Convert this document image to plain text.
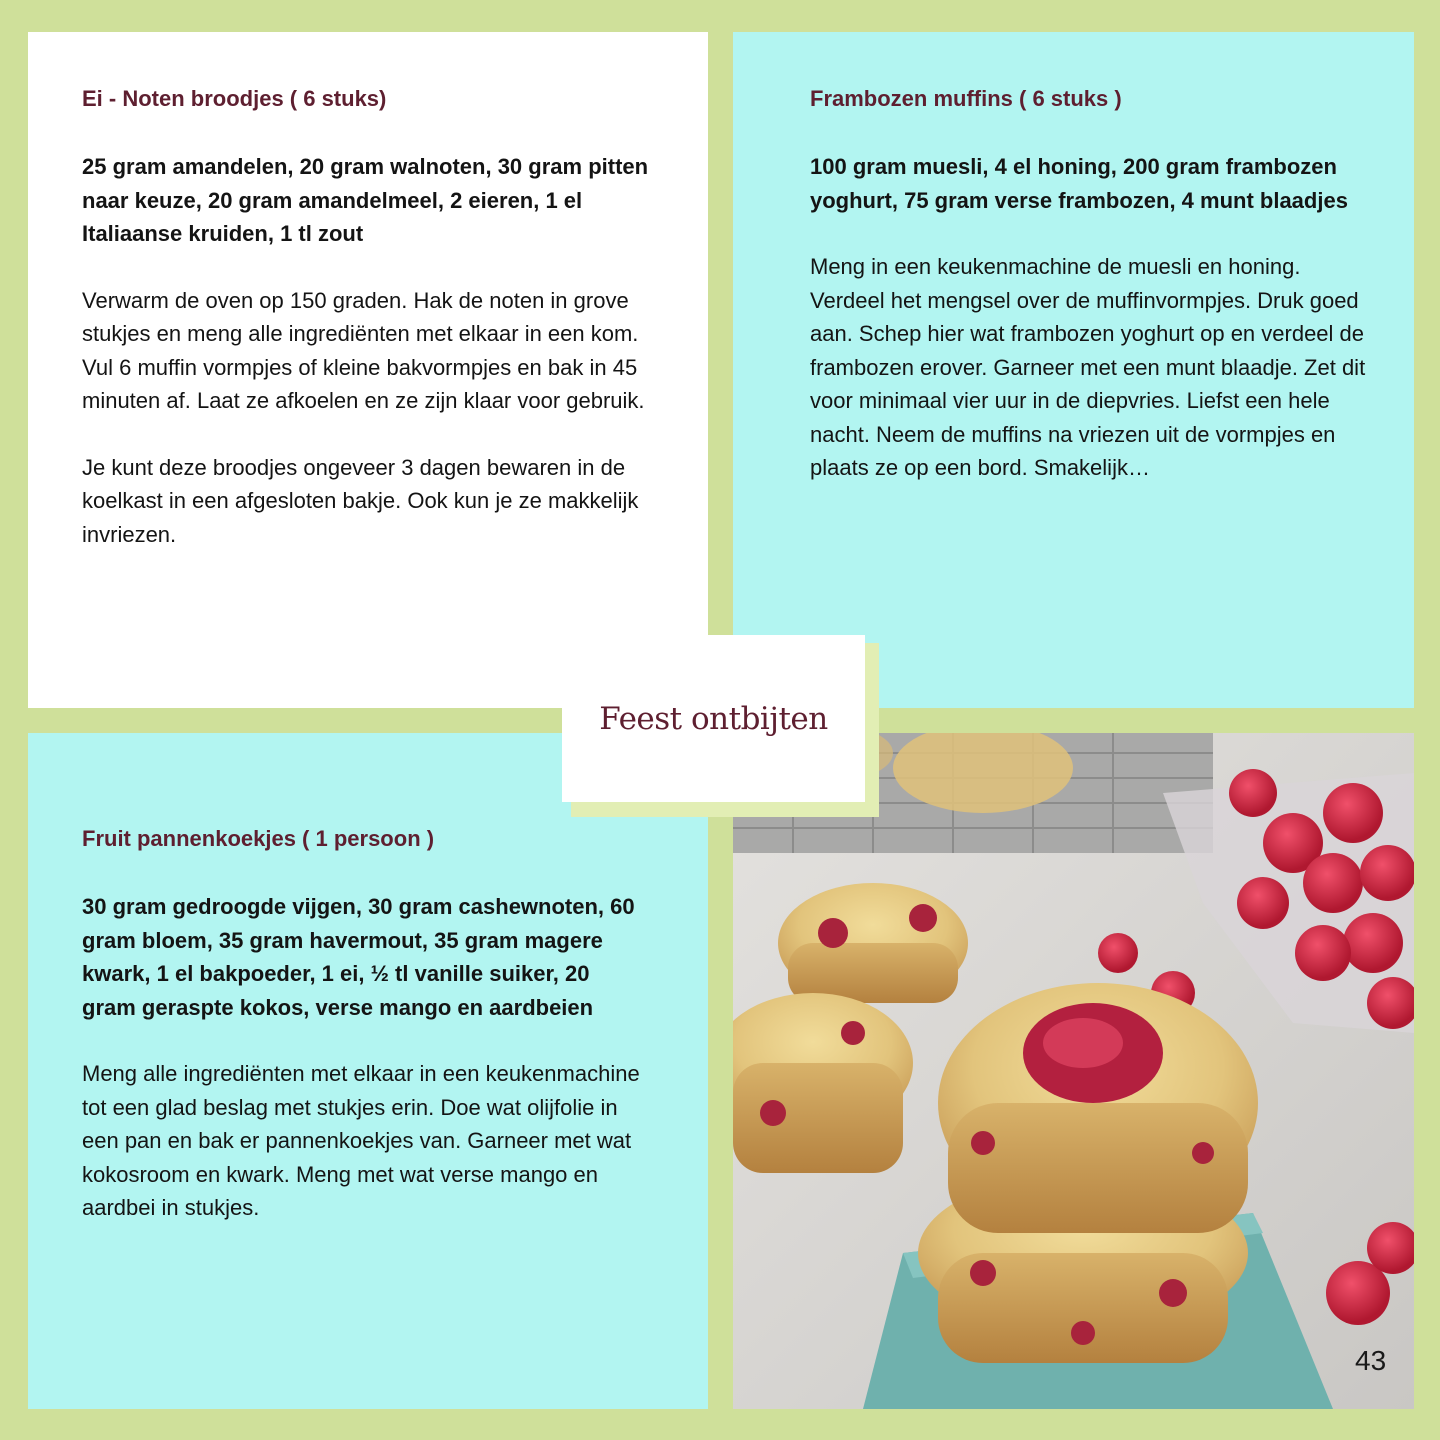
Ei - Noten broodjes ( 6 stuks)
25 gram amandelen, 20 gram walnoten, 30 gram pitten naar keuze, 20 gram amandelmeel, 2 eieren, 1 el Italiaanse kruiden, 1 tl zout
Verwarm de oven op 150 graden. Hak de noten in grove stukjes en meng alle ingrediënten met elkaar in een kom. Vul 6 muffin vormpjes of kleine bakvormpjes en bak in 45 minuten af. Laat ze afkoelen en ze zijn klaar voor gebruik.
Je kunt deze broodjes ongeveer 3 dagen bewaren in de koelkast in een afgesloten bakje. Ook kun je ze makkelijk invriezen.
Frambozen muffins ( 6 stuks )
100 gram muesli, 4 el honing, 200 gram frambozen yoghurt, 75 gram verse frambozen, 4 munt blaadjes
Meng in een keukenmachine de muesli en honing. Verdeel het mengsel over de muffinvormpjes. Druk goed aan. Schep hier wat frambozen yoghurt op en verdeel de frambozen erover. Garneer met een munt blaadje. Zet dit voor minimaal vier uur in de diepvries. Liefst een hele nacht. Neem de muffins na vriezen uit de vormpjes en plaats ze op een bord. Smakelijk…
Fruit pannenkoekjes ( 1 persoon )
30 gram gedroogde vijgen, 30 gram cashewnoten, 60 gram bloem, 35 gram havermout, 35 gram magere kwark, 1 el bakpoeder, 1 ei, ½ tl vanille suiker, 20 gram geraspte kokos, verse mango en aardbeien
Meng alle ingrediënten met elkaar in een keukenmachine tot een glad beslag met stukjes erin. Doe wat olijfolie in een pan en bak er pannenkoekjes van. Garneer met wat kokosroom en kwark. Meng met wat verse mango en aardbei in stukjes.
Feest ontbijten
43
